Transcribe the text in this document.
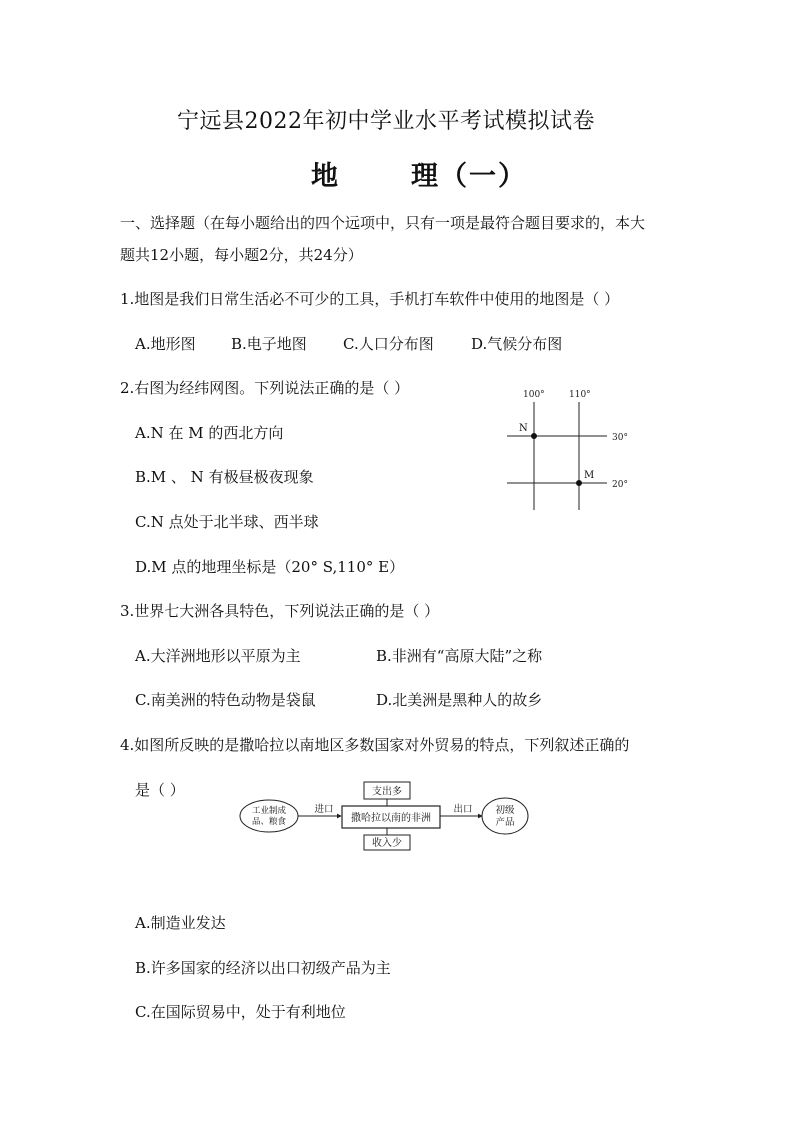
宁远县2022年初中学业水平考试模拟试卷
地	理（一）
一、选择题（在每小题给出的四个远项中，只有一项是最符合题目要求的，本大
题共12小题，每小题2分，共24分）
1.地图是我们日常生活必不可少的工具，手机打车软件中使用的地图是（ ）
A.地形图 B.电子地图 C.人口分布图 D.气候分布图
2.右图为经纬网图。下列说法正确的是（ ）
A.N 在 M 的西北方向
B.M 、 N 有极昼极夜现象
C.N 点处于北半球、西半球
D.M 点的地理坐标是（20° S,110° E）
100°	110°
30°
20°
N
M
3.世界七大洲各具特色，下列说法正确的是（ ）
A.大洋洲地形以平原为主	B.非洲有“高原大陆”之称
C.南美洲的特色动物是袋鼠	D.北美洲是黑种人的故乡
4.如图所反映的是撒哈拉以南地区多数国家对外贸易的特点，下列叙述正确的
是（ ）	支出多
撒哈拉以南的非洲
收入少
工业制成
品、粮食
进口	出口 初级
产品
A.制造业发达
B.许多国家的经济以出口初级产品为主
C.在国际贸易中，处于有利地位
